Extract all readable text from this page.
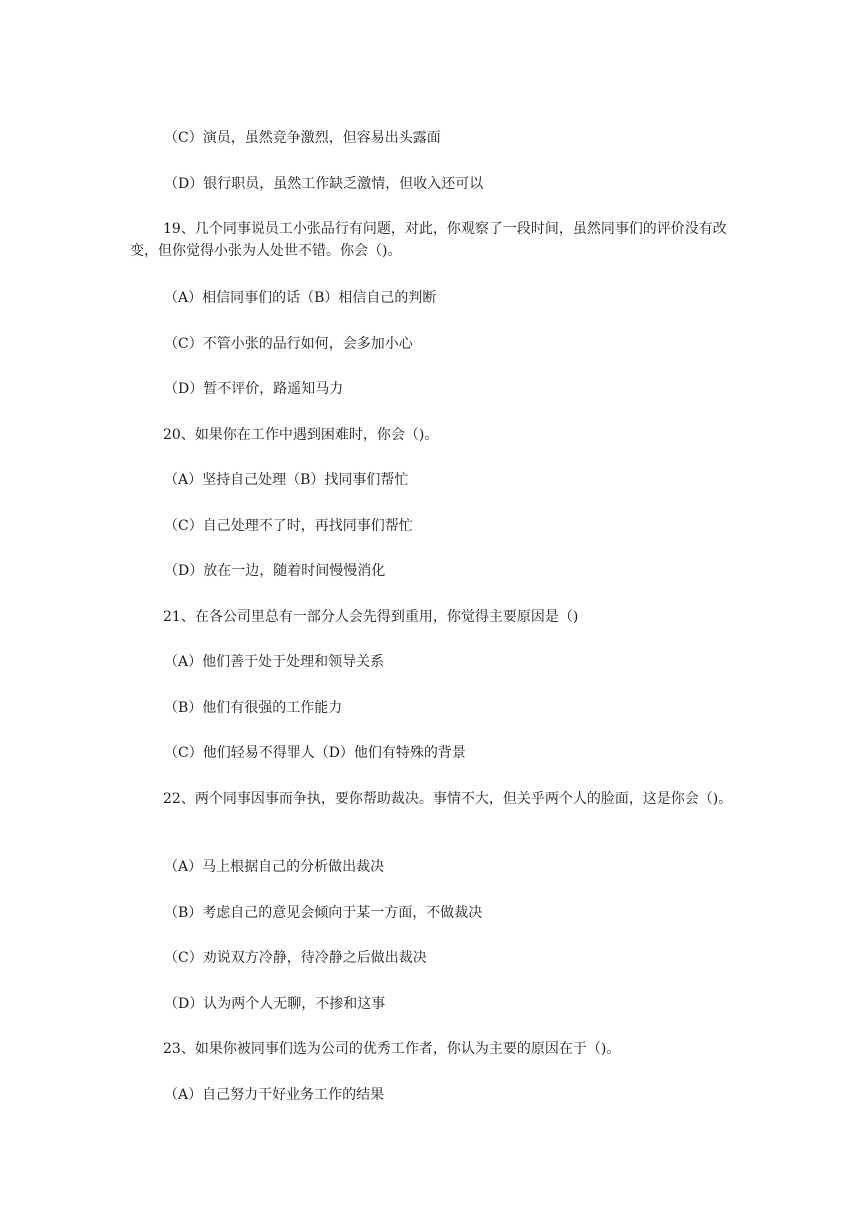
（C）演员，虽然竞争激烈，但容易出头露面
（D）银行职员，虽然工作缺乏激情，但收入还可以
19、几个同事说员工小张品行有问题，对此，你观察了一段时间，虽然同事们的评价没有改变，但你觉得小张为人处世不错。你会（)。
（A）相信同事们的话（B）相信自己的判断
（C）不管小张的品行如何，会多加小心
（D）暂不评价，路遥知马力
20、如果你在工作中遇到困难时，你会（)。
（A）坚持自己处理（B）找同事们帮忙
（C）自己处理不了时，再找同事们帮忙
（D）放在一边，随着时间慢慢消化
21、在各公司里总有一部分人会先得到重用，你觉得主要原因是（)
（A）他们善于处于处理和领导关系
（B）他们有很强的工作能力
（C）他们轻易不得罪人（D）他们有特殊的背景
22、两个同事因事而争执，要你帮助裁决。事情不大，但关乎两个人的脸面，这是你会（)。
（A）马上根据自己的分析做出裁决
（B）考虑自己的意见会倾向于某一方面，不做裁决
（C）劝说双方冷静，待冷静之后做出裁决
（D）认为两个人无聊，不掺和这事
23、如果你被同事们选为公司的优秀工作者，你认为主要的原因在于（)。
（A）自己努力干好业务工作的结果
